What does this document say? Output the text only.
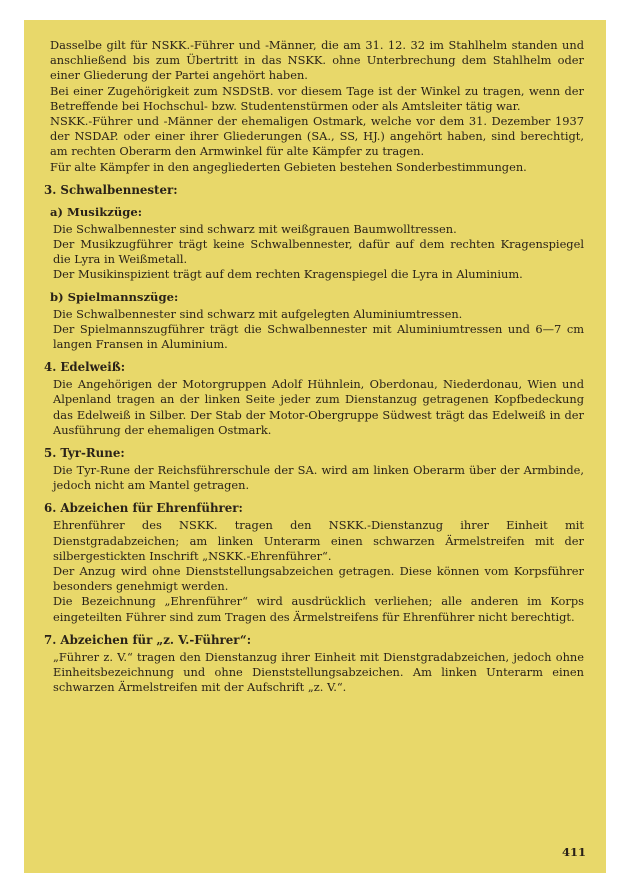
Dasselbe gilt für NSKK.-Führer und -Männer, die am 31. 12. 32 im Stahlhelm standen und anschließend bis zum Übertritt in das NSKK. ohne Unterbrechung dem Stahlhelm oder einer Gliederung der Partei angehört haben.

Bei einer Zugehörigkeit zum NSDStB. vor diesem Tage ist der Winkel zu tragen, wenn der Betreffende bei Hochschul- bzw. Studentenstürmen oder als Amtsleiter tätig war.

NSKK.-Führer und -Männer der ehemaligen Ostmark, welche vor dem 31. Dezember 1937 der NSDAP. oder einer ihrer Gliederungen (SA., SS, HJ.) angehört haben, sind berechtigt, am rechten Oberarm den Armwinkel für alte Kämpfer zu tragen.

Für alte Kämpfer in den angegliederten Gebieten bestehen Sonderbestimmungen.

3. Schwalbennester:
a) Musikzüge:

Die Schwalbennester sind schwarz mit weißgrauen Baumwolltressen.

Der Musikzugführer trägt keine Schwalbennester, dafür auf dem rechten Kragenspiegel die Lyra in Weißmetall.

Der Musikinspizient trägt auf dem rechten Kragenspiegel die Lyra in Aluminium.

b) Spielmannszüge:

Die Schwalbennester sind schwarz mit aufgelegten Aluminiumtressen.

Der Spielmannszugführer trägt die Schwalbennester mit Aluminiumtressen und 6—7 cm langen Fransen in Aluminium.

4. Edelweiß:

Die Angehörigen der Motorgruppen Adolf Hühnlein, Oberdonau, Niederdonau, Wien und Alpenland tragen an der linken Seite jeder zum Dienstanzug getragenen Kopfbedeckung das Edelweiß in Silber. Der Stab der Motor-Obergruppe Südwest trägt das Edelweiß in der Ausführung der ehemaligen Ostmark.

5. Tyr-Rune:

Die Tyr-Rune der Reichsführerschule der SA. wird am linken Oberarm über der Armbinde, jedoch nicht am Mantel getragen.

6. Abzeichen für Ehrenführer:

Ehrenführer des NSKK. tragen den NSKK.-Dienstanzug ihrer Einheit mit Dienstgradabzeichen; am linken Unterarm einen schwarzen Ärmelstreifen mit der silbergestickten Inschrift „NSKK.-Ehrenführer“.

Der Anzug wird ohne Dienststellungsabzeichen getragen. Diese können vom Korpsführer besonders genehmigt werden.

Die Bezeichnung „Ehrenführer“ wird ausdrücklich verliehen; alle anderen im Korps eingeteilten Führer sind zum Tragen des Ärmelstreifens für Ehrenführer nicht berechtigt.

7. Abzeichen für „z. V.-Führer“:

„Führer z. V.“ tragen den Dienstanzug ihrer Einheit mit Dienstgradabzeichen, jedoch ohne Einheitsbezeichnung und ohne Dienststellungsabzeichen. Am linken Unterarm einen schwarzen Ärmelstreifen mit der Aufschrift „z. V.“.

411
